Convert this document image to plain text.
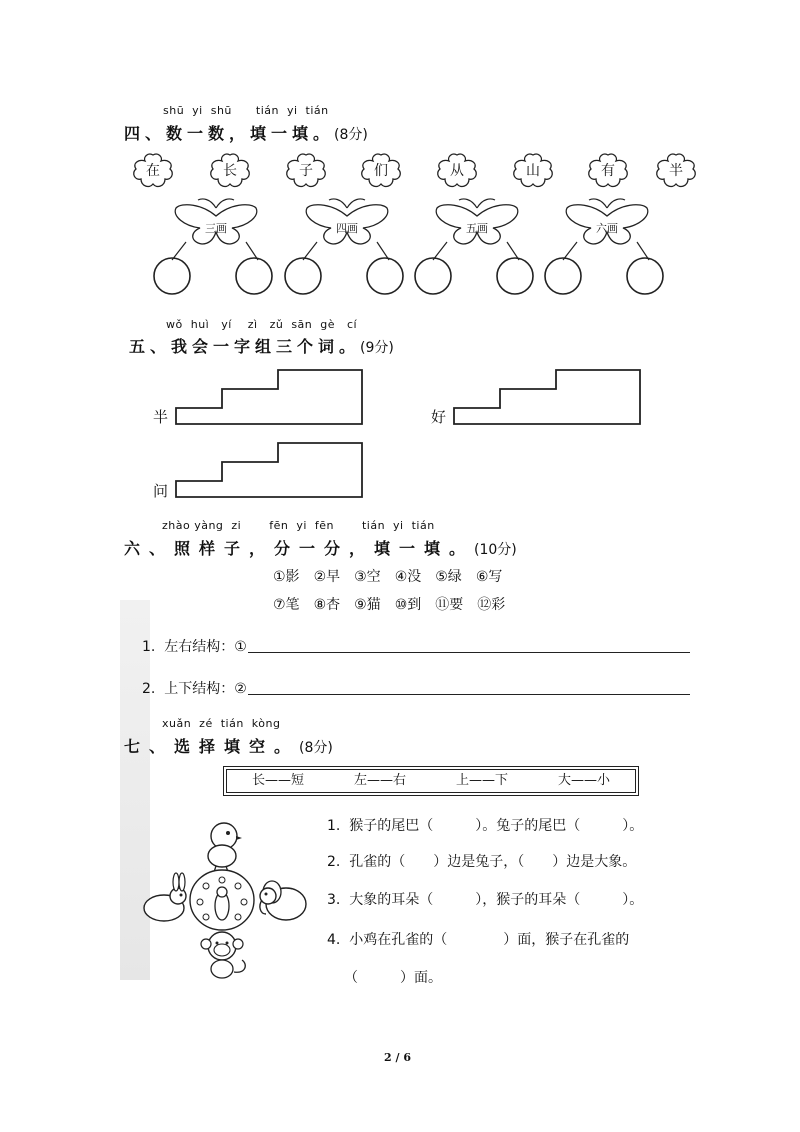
shū  yi  shū      tián  yi  tián
四、数一数，填一填。(8分)
在	长	子	们	从	山	有	半
三画	四画	五画	六画
wǒ  huì   yí    zì   zǔ  sān  gè   cí
五、我会一字组三个词。(9分)
半	好
问
zhào yàng  zi       fēn  yi  fēn       tián  yi  tián
六、照样子，分一分，填一填。(10分)
①影 ②早 ③空 ④没 ⑤绿 ⑥写
⑦笔 ⑧杏 ⑨猫 ⑩到 ⑪要 ⑫彩
1. 左右结构：①
2. 上下结构：②
xuǎn  zé  tián  kòng
七、选择填空。(8分)
长——短	左——右	上——下	大——小
1. 猴子的尾巴（　　　）。兔子的尾巴（　　　）。
2. 孔雀的（　　）边是兔子，（　　）边是大象。
3. 大象的耳朵（　　　），猴子的耳朵（　　　）。
4. 小鸡在孔雀的（　　　　）面，猴子在孔雀的
（　　　）面。
2 / 6
